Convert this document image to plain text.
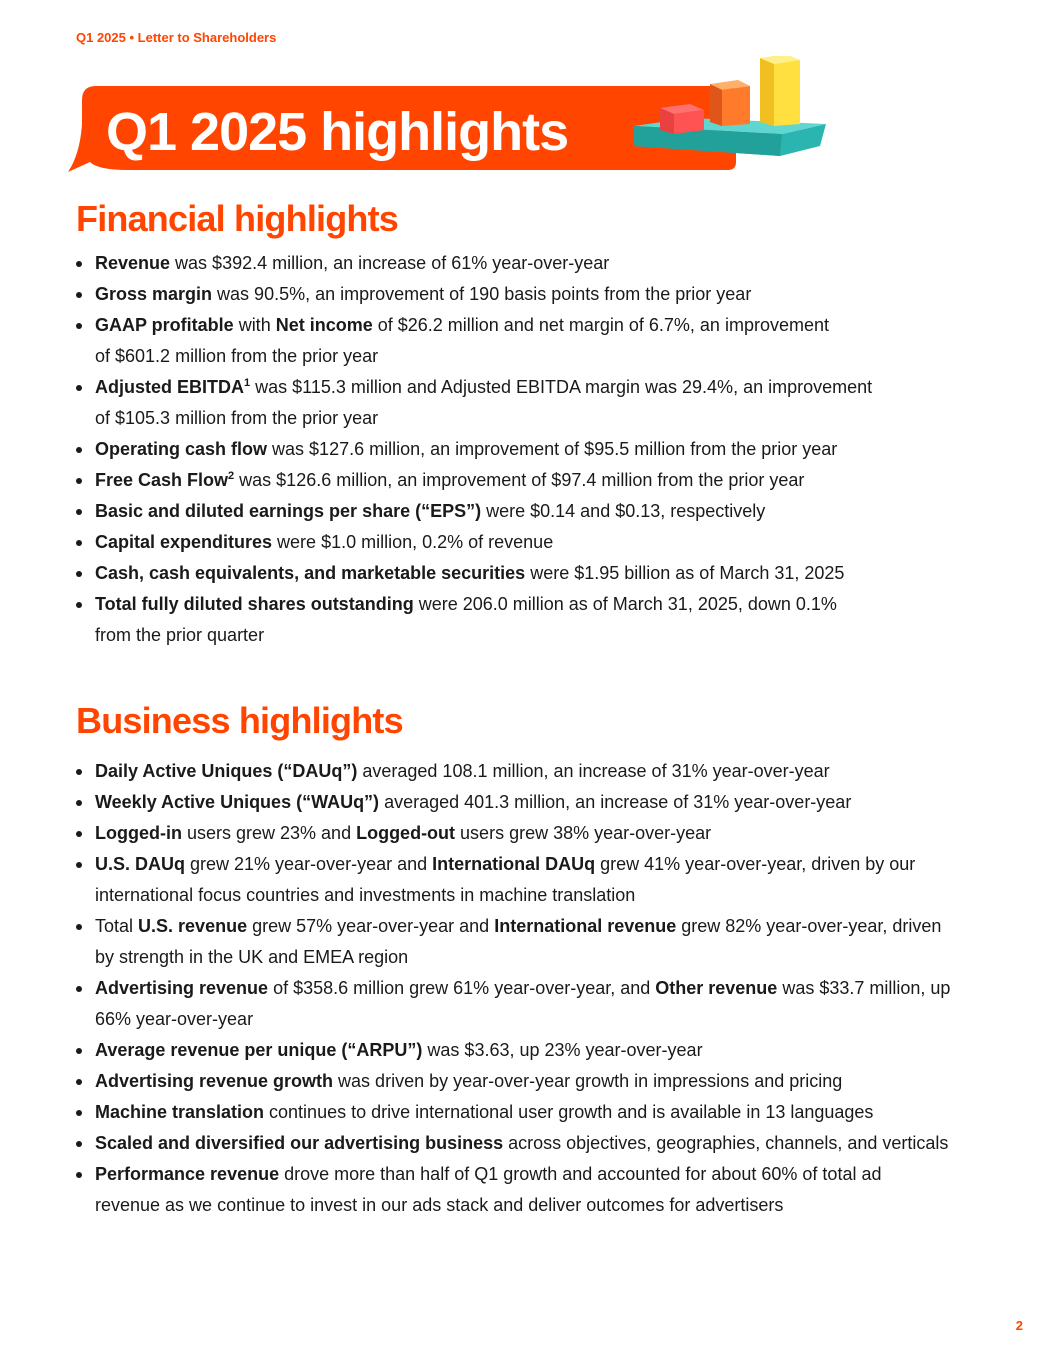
Q1 2025 • Letter to Shareholders
Q1 2025 highlights
Financial highlights
Revenue was $392.4 million, an increase of 61% year-over-year
Gross margin was 90.5%, an improvement of 190 basis points from the prior year
GAAP profitable with Net income of $26.2 million and net margin of 6.7%, an improvement
of $601.2 million from the prior year
Adjusted EBITDA$^1$ was $115.3 million and Adjusted EBITDA margin was 29.4%, an improvement
of $105.3 million from the prior year
Operating cash flow was $127.6 million, an improvement of $95.5 million from the prior year
Free Cash Flow$^2$ was $126.6 million, an improvement of $97.4 million from the prior year
Basic and diluted earnings per share (“EPS”) were $0.14 and $0.13, respectively
Capital expenditures were $1.0 million, 0.2% of revenue
Cash, cash equivalents, and marketable securities were $1.95 billion as of March 31, 2025
Total fully diluted shares outstanding were 206.0 million as of March 31, 2025, down 0.1%
from the prior quarter
Business highlights
Daily Active Uniques (“DAUq”) averaged 108.1 million, an increase of 31% year-over-year
Weekly Active Uniques (“WAUq”) averaged 401.3 million, an increase of 31% year-over-year
Logged-in users grew 23% and Logged-out users grew 38% year-over-year
U.S. DAUq grew 21% year-over-year and International DAUq grew 41% year-over-year, driven by our
international focus countries and investments in machine translation
Total U.S. revenue grew 57% year-over-year and International revenue grew 82% year-over-year, driven
by strength in the UK and EMEA region
Advertising revenue of $358.6 million grew 61% year-over-year, and Other revenue was $33.7 million, up
66% year-over-year
Average revenue per unique (“ARPU”) was $3.63, up 23% year-over-year
Advertising revenue growth was driven by year-over-year growth in impressions and pricing
Machine translation continues to drive international user growth and is available in 13 languages
Scaled and diversified our advertising business across objectives, geographies, channels, and verticals
Performance revenue drove more than half of Q1 growth and accounted for about 60% of total ad
revenue as we continue to invest in our ads stack and deliver outcomes for advertisers
2
